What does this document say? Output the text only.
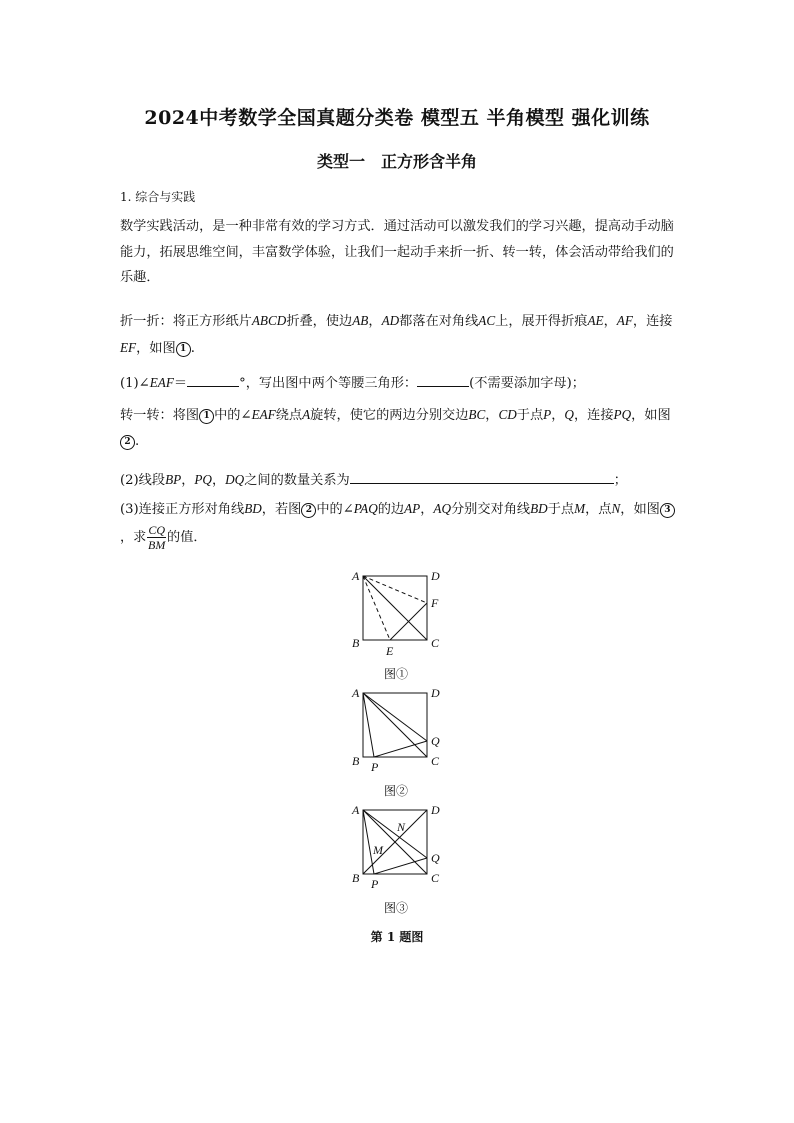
2024中考数学全国真题分类卷 模型五 半角模型 强化训练
类型一　正方形含半角
1. 综合与实践
数学实践活动，是一种非常有效的学习方式．通过活动可以激发我们的学习兴趣，提高动手动脑能力，拓展思维空间，丰富数学体验，让我们一起动手来折一折、转一转，体会活动带给我们的乐趣．
折一折：将正方形纸片ABCD折叠，使边AB，AD都落在对角线AC上，展开得折痕AE，AF，连接EF，如图 1 .
(1)∠EAF＝	°，写出图中两个等腰三角形：	(不需要添加字母)；
转一转：将图 1 中的∠EAF绕点A旋转，使它的两边分别交边BC，CD于点P，Q，连接PQ，如图2 .
(2)线段BP，PQ，DQ之间的数量关系为	；
(3)连接正方形对角线BD，若图 2 中的∠PAQ的边AP，AQ分别交对角线BD于点M，点N，如图 3，求 $\frac{CQ}{BM}$ 的值．
A	D
B	C
E
F
图①
A	D
B	C
P
Q
图②
A	D
B	C
P
Q
M
N
图③
第 1 题图
